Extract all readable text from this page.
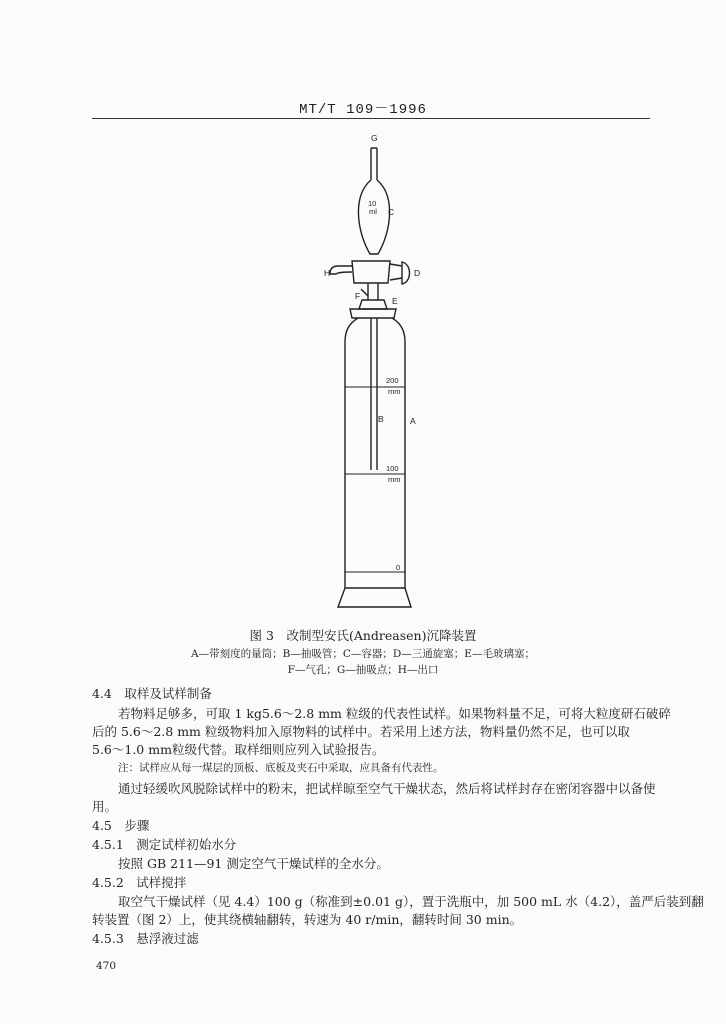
MT/T 109－1996
G
C
10
ml
H	D
F	E
B	A
200
mm
100
mm
0
图 3　改制型安氏(Andreasen)沉降装置
A—带刻度的量筒；B—抽吸管；C—容器；D—三通旋塞；E—毛玻璃塞；
F—气孔；G—抽吸点；H—出口
4.4　取样及试样制备
若物料足够多，可取 1 kg5.6～2.8 mm 粒级的代表性试样。如果物料量不足，可将大粒度研石破碎
后的 5.6～2.8 mm 粒级物料加入原物料的试样中。若采用上述方法，物料量仍然不足，也可以取
5.6～1.0 mm粒级代替。取样细则应列入试验报告。
注：试样应从每一煤层的顶板、底板及夹石中采取，应具备有代表性。
通过轻缓吹风脱除试样中的粉末，把试样晾至空气干燥状态，然后将试样封存在密闭容器中以备使
用。
4.5　步骤
4.5.1　测定试样初始水分
按照 GB 211—91 测定空气干燥试样的全水分。
4.5.2　试样搅拌
取空气干燥试样（见 4.4）100 g（称准到±0.01 g），置于洗瓶中，加 500 mL 水（4.2），盖严后装到翻
转装置（图 2）上，使其绕横轴翻转，转速为 40 r/min，翻转时间 30 min。
4.5.3　悬浮液过滤
470
